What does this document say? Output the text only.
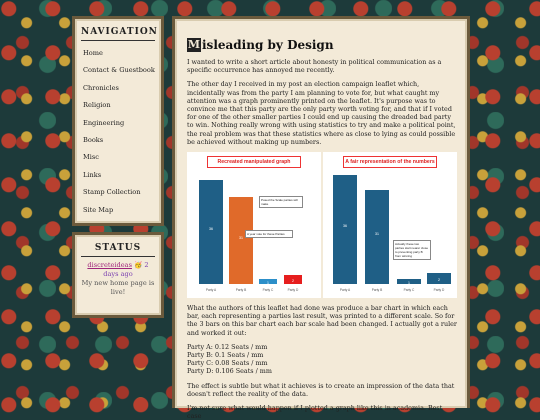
NAVIGATION
Home
Contact & Guestbook
Chronicles
Religion
Engineering
Books
Misc
Links
Stamp Collection
Site Map
STATUS
discreteideas 🥳 2 days ago
My new home page is live!
M isleading by Design

I wanted to write a short article about honesty in political communication as a specific occurrence has annoyed me recently.

The other day I received in my post an election campaign leaflet which, incidentally was from the party I am planning to vote for, but what caught my attention was a graph prominently printed on the leaflet. It's purpose was to convince me that this party are the only party worth voting for, and that if I voted for one of the other smaller parties I could end up causing the dreaded bad party to win. Nothing really wrong with using statistics to try and make a political point, the real problem was that these statistics where as close to lying as could possible be achieved without making up numbers.

Recreated manipulated graph
36
Party A
31
Party B
1
Party C
2
Party D
Posed the Scale parties will make
A year vote for these Parties
A fair representation of the numbers
36
Party A
31
Party B
1
Party C
2
Party D
Actually these two parties start nearer close to preventing party B from winning

What the authors of this leaflet had done was produce a bar chart in which each bar, each representing a parties last result, was printed to a different scale. So for the 3 bars on this bar chart each bar scale had been changed. I actually got a ruler and worked it out:

Party A: 0.12 Seats / mm
Party B: 0.1 Seats / mm
Party C: 0.08 Seats / mm
Party D: 0.106 Seats / mm

The effect is subtle but what it achieves is to create an impression of the data that doesn't reflect the reality of the data.

I'm not sure what would happen if I plotted a graph like this in academia. Best case
